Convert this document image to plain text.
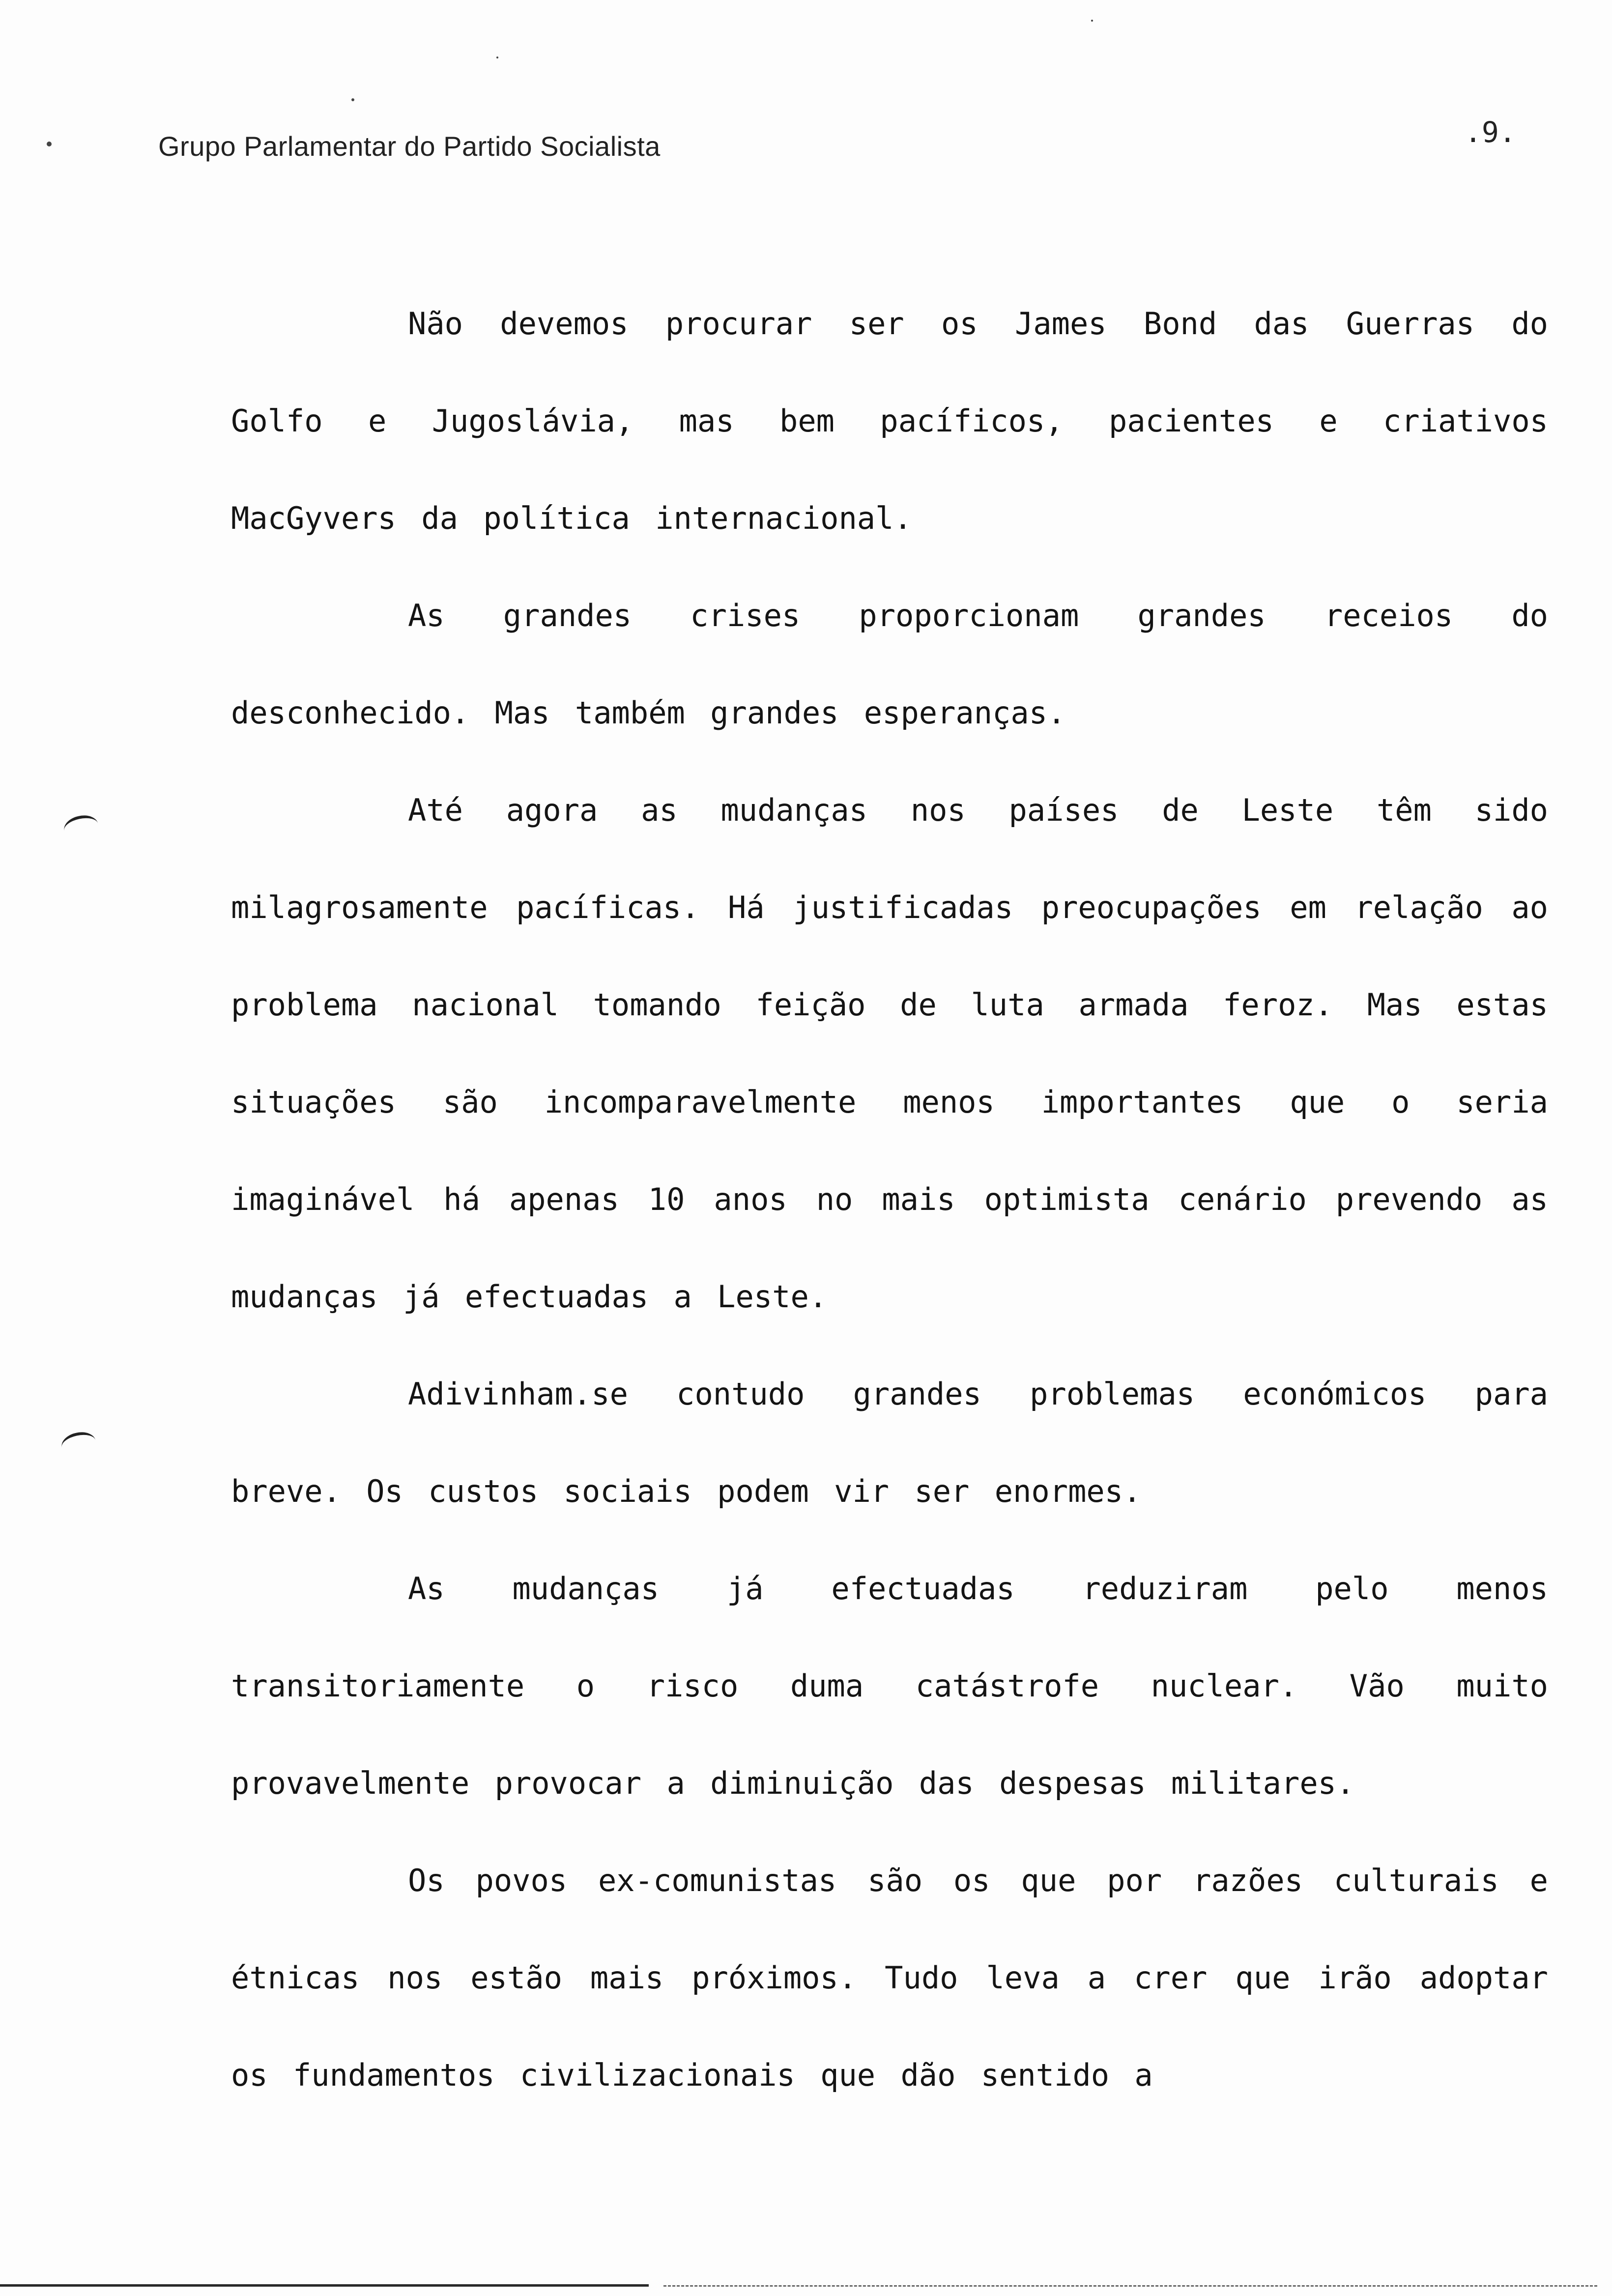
Grupo Parlamentar do Partido Socialista	.9.

Não devemos procurar ser os James Bond das Guerras do Golfo e Jugoslávia, mas bem pacíficos, pacientes e criativos MacGyvers da política internacional.

As grandes crises proporcionam grandes receios do desconhecido. Mas também grandes esperanças.

Até agora as mudanças nos países de Leste têm sido milagrosamente pacíficas. Há justificadas preocupações em relação ao problema nacional tomando feição de luta armada feroz. Mas estas situações são incomparavelmente menos importantes que o seria imaginável há apenas 10 anos no mais optimista cenário prevendo as mudanças já efectuadas a Leste.

Adivinham.se contudo grandes problemas económicos para breve. Os custos sociais podem vir ser enormes.

As mudanças já efectuadas reduziram pelo menos transitoriamente o risco duma catástrofe nuclear. Vão muito provavelmente provocar a diminuição das despesas militares.

Os povos ex-comunistas são os que por razões culturais e étnicas nos estão mais próximos. Tudo leva a crer que irão adoptar os fundamentos civilizacionais que dão sentido a
